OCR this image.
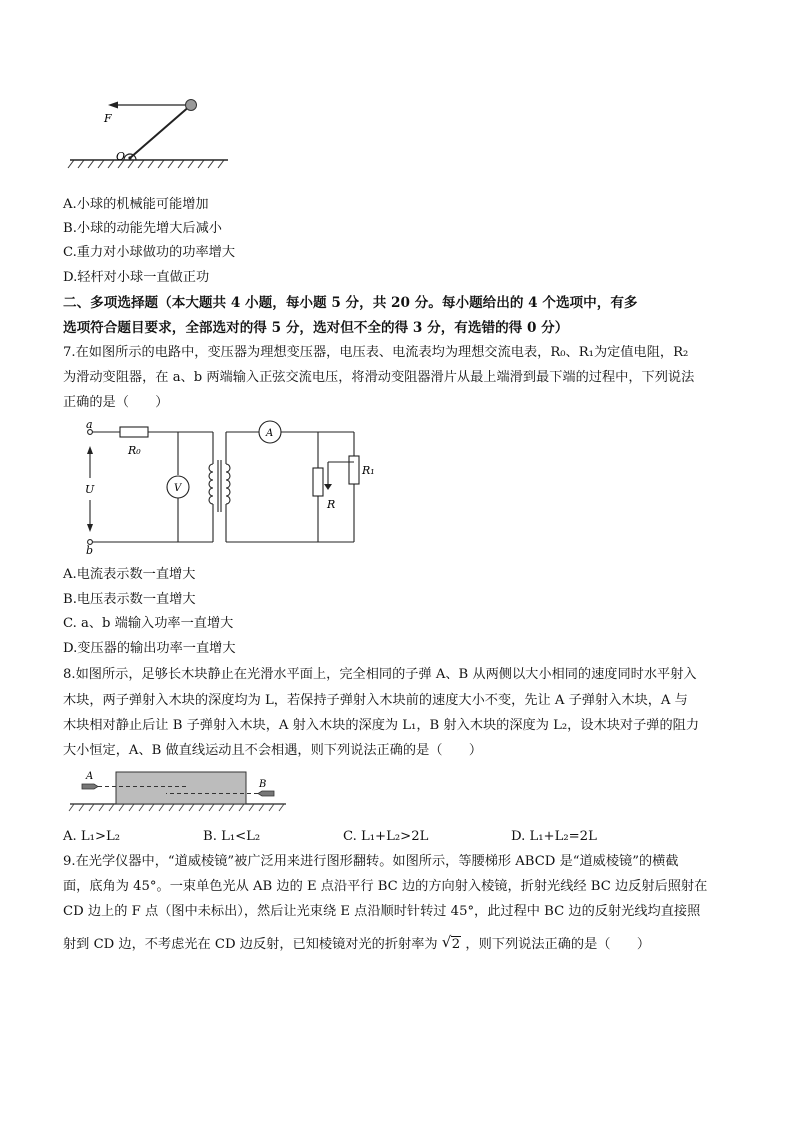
F
O
A.小球的机械能可能增加
B.小球的动能先增大后减小
C.重力对小球做功的功率增大
D.轻杆对小球一直做正功
二、多项选择题（本大题共 4 小题，每小题 5 分，共 20 分。每小题给出的 4 个选项中，有多
选项符合题目要求，全部选对的得 5 分，选对但不全的得 3 分，有选错的得 0 分）
7.在如图所示的电路中，变压器为理想变压器，电压表、电流表均为理想交流电表，R₀、R₁为定值电阻，R₂
为滑动变阻器，在 a、b 两端输入正弦交流电压，将滑动变阻器滑片从最上端滑到最下端的过程中，下列说法
正确的是（　　）
a
b
U
R₀
V
A
R
R₁
A.电流表示数一直增大
B.电压表示数一直增大
C. a、b 端输入功率一直增大
D.变压器的输出功率一直增大
8.如图所示，足够长木块静止在光滑水平面上，完全相同的子弹 A、B 从两侧以大小相同的速度同时水平射入
木块，两子弹射入木块的深度均为 L，若保持子弹射入木块前的速度大小不变，先让 A 子弹射入木块，A 与
木块相对静止后让 B 子弹射入木块，A 射入木块的深度为 L₁，B 射入木块的深度为 L₂，设木块对子弹的阻力
大小恒定，A、B 做直线运动且不会相遇，则下列说法正确的是（　　）
A
B
A. L₁>L₂	B. L₁<L₂	C. L₁+L₂>2L	D. L₁+L₂=2L
9.在光学仪器中，“道威棱镜”被广泛用来进行图形翻转。如图所示，等腰梯形 ABCD 是“道威棱镜”的横截
面，底角为 45°。一束单色光从 AB 边的 E 点沿平行 BC 边的方向射入棱镜，折射光线经 BC 边反射后照射在
CD 边上的 F 点（图中未标出），然后让光束绕 E 点沿顺时针转过 45°，此过程中 BC 边的反射光线均直接照
射到 CD 边，不考虑光在 CD 边反射，已知棱镜对光的折射率为 √ 2 ，则下列说法正确的是（　　）
